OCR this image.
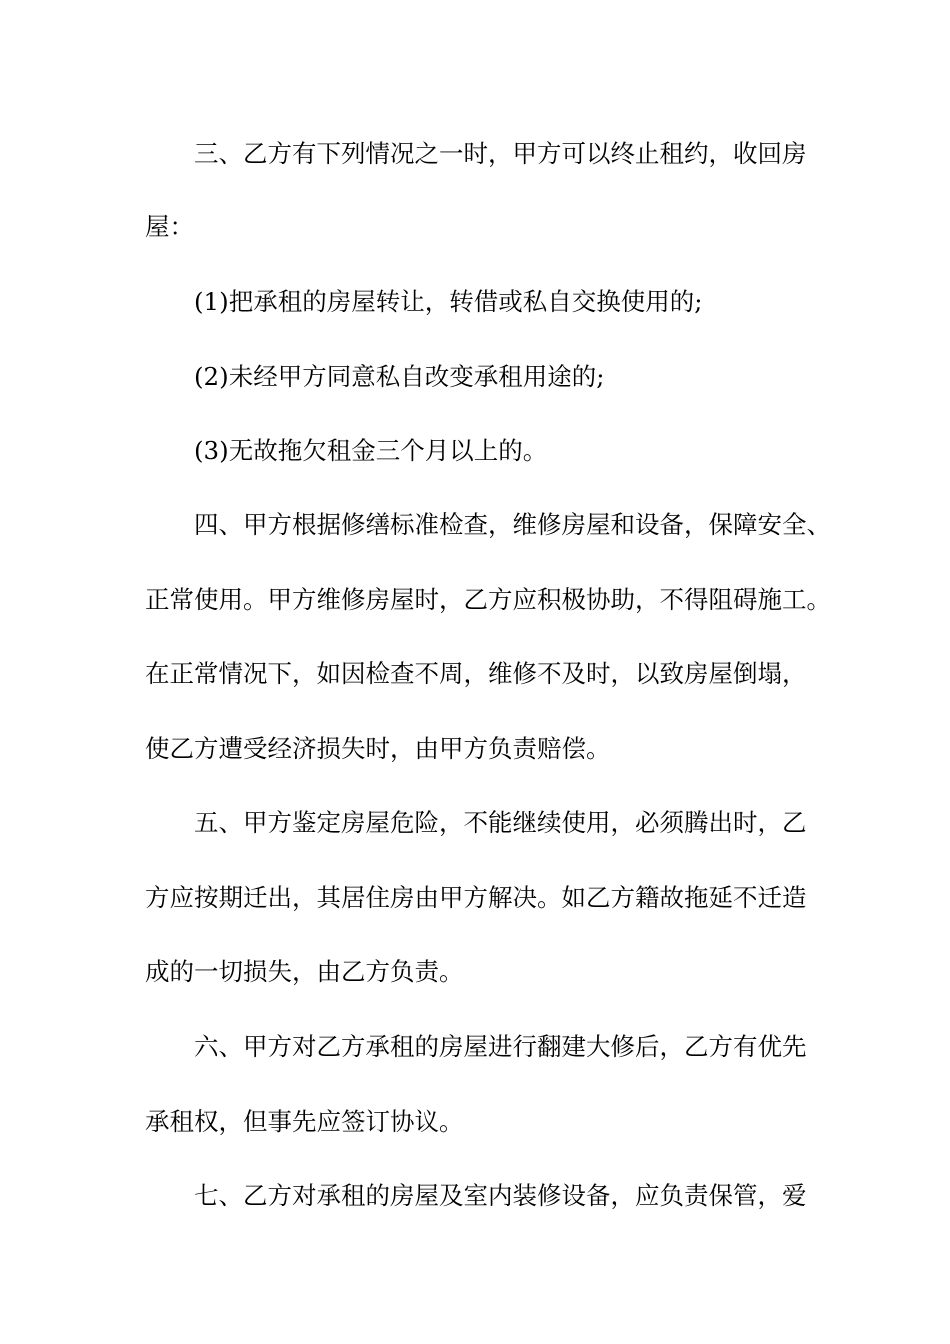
三、乙方有下列情况之一时，甲方可以终止租约，收回房
屋：
(1)把承租的房屋转让，转借或私自交换使用的;
(2)未经甲方同意私自改变承租用途的;
(3)无故拖欠租金三个月以上的。
四、甲方根据修缮标准检查，维修房屋和设备，保障安全、
正常使用。甲方维修房屋时，乙方应积极协助，不得阻碍施工。
在正常情况下，如因检查不周，维修不及时，以致房屋倒塌，
使乙方遭受经济损失时，由甲方负责赔偿。
五、甲方鉴定房屋危险，不能继续使用，必须腾出时，乙
方应按期迁出，其居住房由甲方解决。如乙方籍故拖延不迁造
成的一切损失，由乙方负责。
六、甲方对乙方承租的房屋进行翻建大修后，乙方有优先
承租权，但事先应签订协议。
七、乙方对承租的房屋及室内装修设备，应负责保管，爱
